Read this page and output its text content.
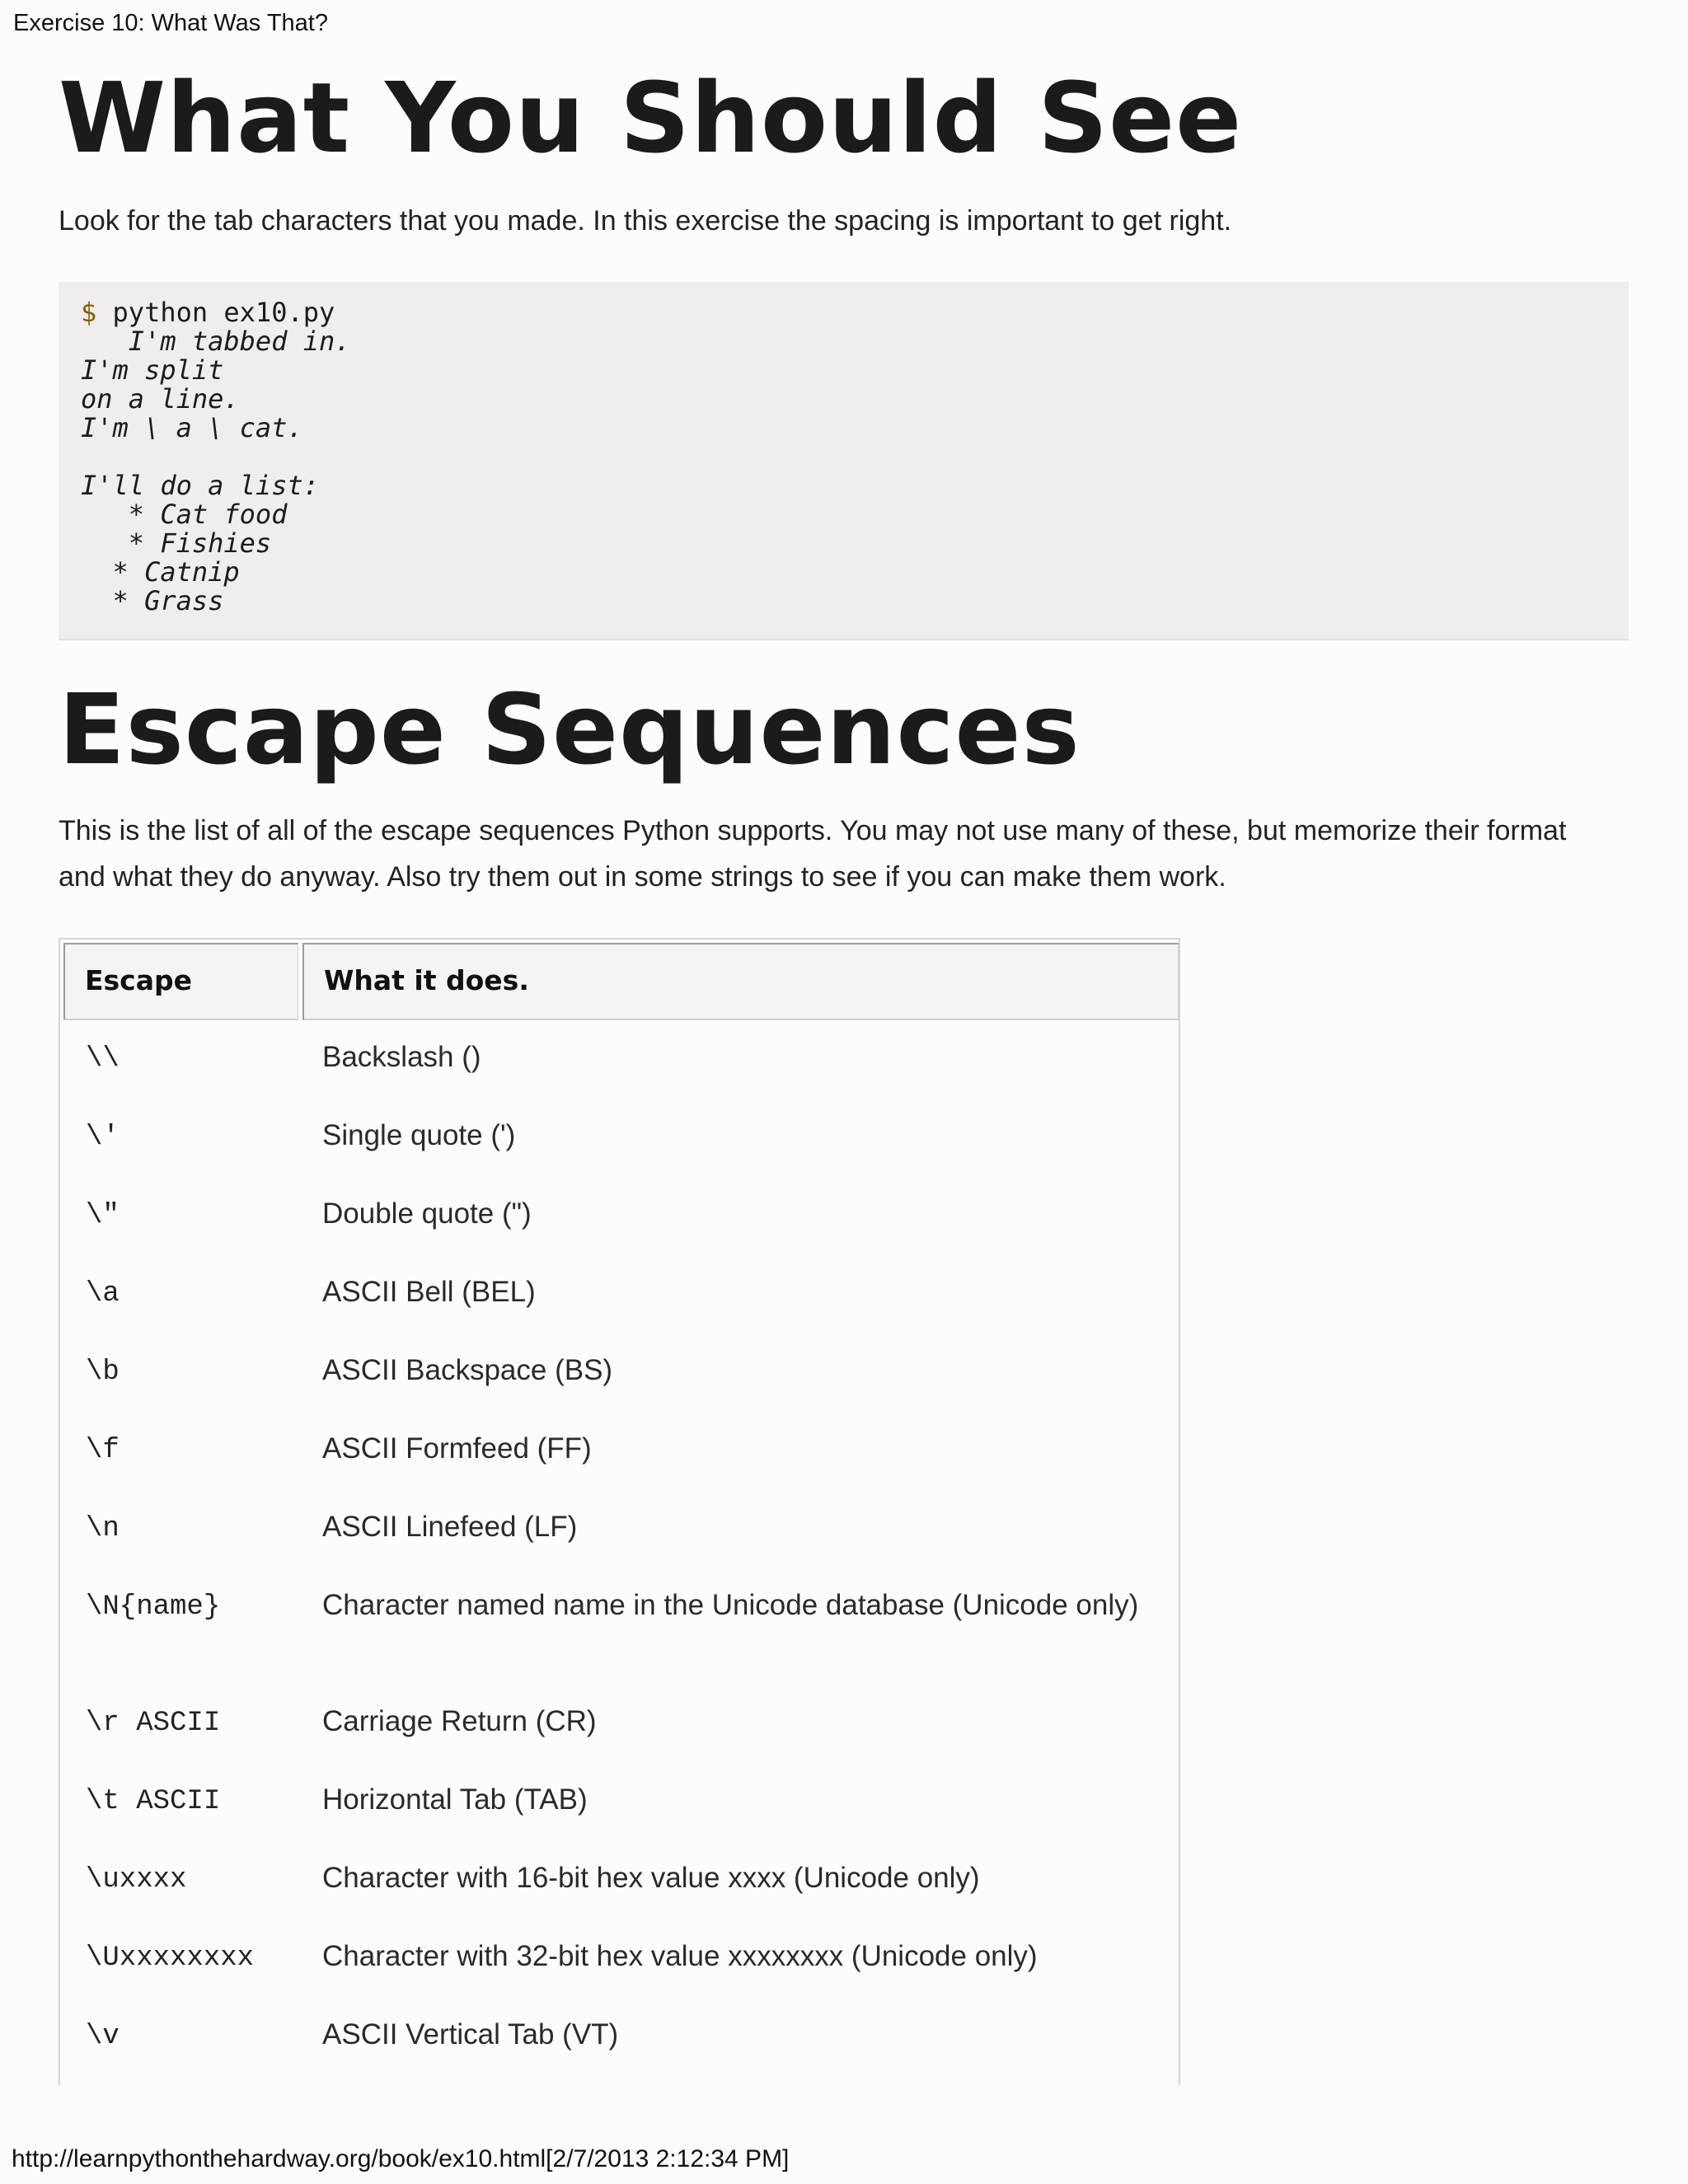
Exercise 10: What Was That?
What You Should See

Look for the tab characters that you made. In this exercise the spacing is important to get right.

$ python ex10.py
I'm tabbed in.
I'm split
on a line.
I'm \ a \ cat.
I'll do a list:
* Cat food
* Fishies
* Catnip
* Grass
Escape Sequences

This is the list of all of the escape sequences Python supports. You may not use many of these, but memorize their format and what they do anyway. Also try them out in some strings to see if you can make them work.

Escape	What it does.
\\	Backslash ()
\'	Single quote (')
\"	Double quote (")
\a	ASCII Bell (BEL)
\b	ASCII Backspace (BS)
\f	ASCII Formfeed (FF)
\n	ASCII Linefeed (LF)
\N{name}	Character named name in the Unicode database (Unicode only)
\r ASCII	Carriage Return (CR)
\t ASCII	Horizontal Tab (TAB)
\uxxxx	Character with 16-bit hex value xxxx (Unicode only)
\Uxxxxxxxx Character with 32-bit hex value xxxxxxxx (Unicode only)
\v	ASCII Vertical Tab (VT)
http://learnpythonthehardway.org/book/ex10.html[2/7/2013 2:12:34 PM]
